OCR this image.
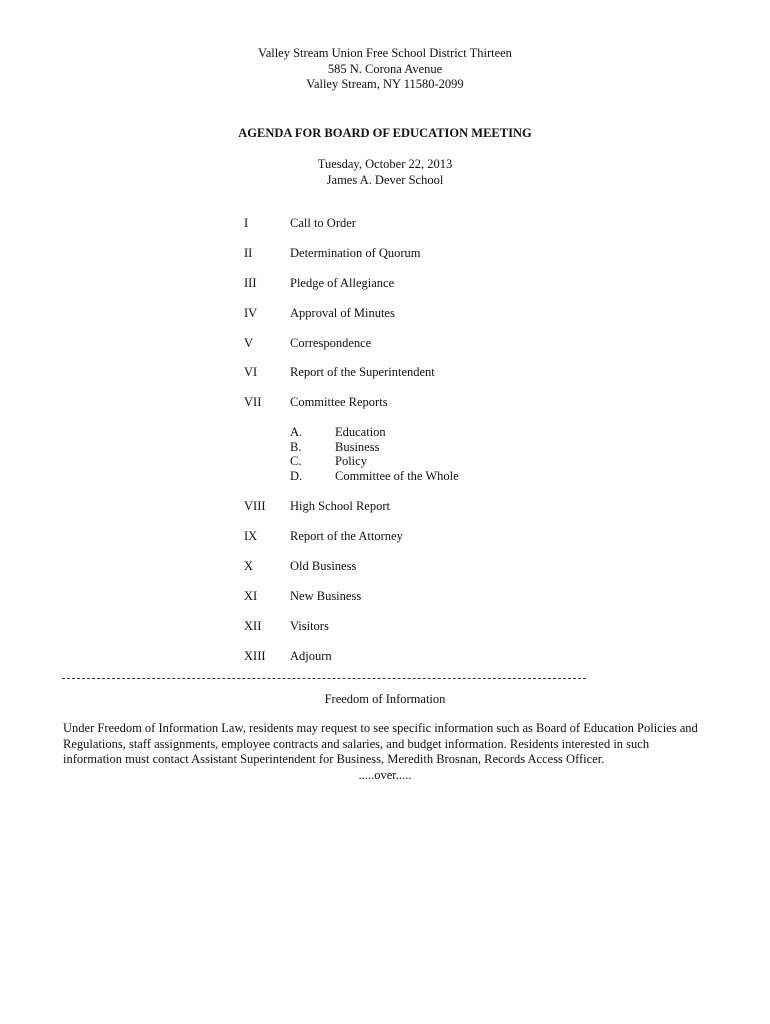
Valley Stream Union Free School District Thirteen
585 N. Corona Avenue
Valley Stream, NY 11580-2099
AGENDA FOR BOARD OF EDUCATION MEETING
Tuesday, October 22, 2013
James A. Dever School
I	Call to Order
II	Determination of Quorum
III	Pledge of Allegiance
IV	Approval of Minutes
V	Correspondence
VI	Report of the Superintendent
VII Committee Reports
A.	Education
B.	Business
C.	Policy
D.	Committee of the Whole
VIII High School Report
IX	Report of the Attorney
X	Old Business
XI	New Business
XII Visitors
XIII Adjourn
Freedom of Information
Under Freedom of Information Law, residents may request to see specific information such as Board of Education Policies and
Regulations, staff assignments, employee contracts and salaries, and budget information. Residents interested in such
information must contact Assistant Superintendent for Business, Meredith Brosnan, Records Access Officer.
.....over.....
